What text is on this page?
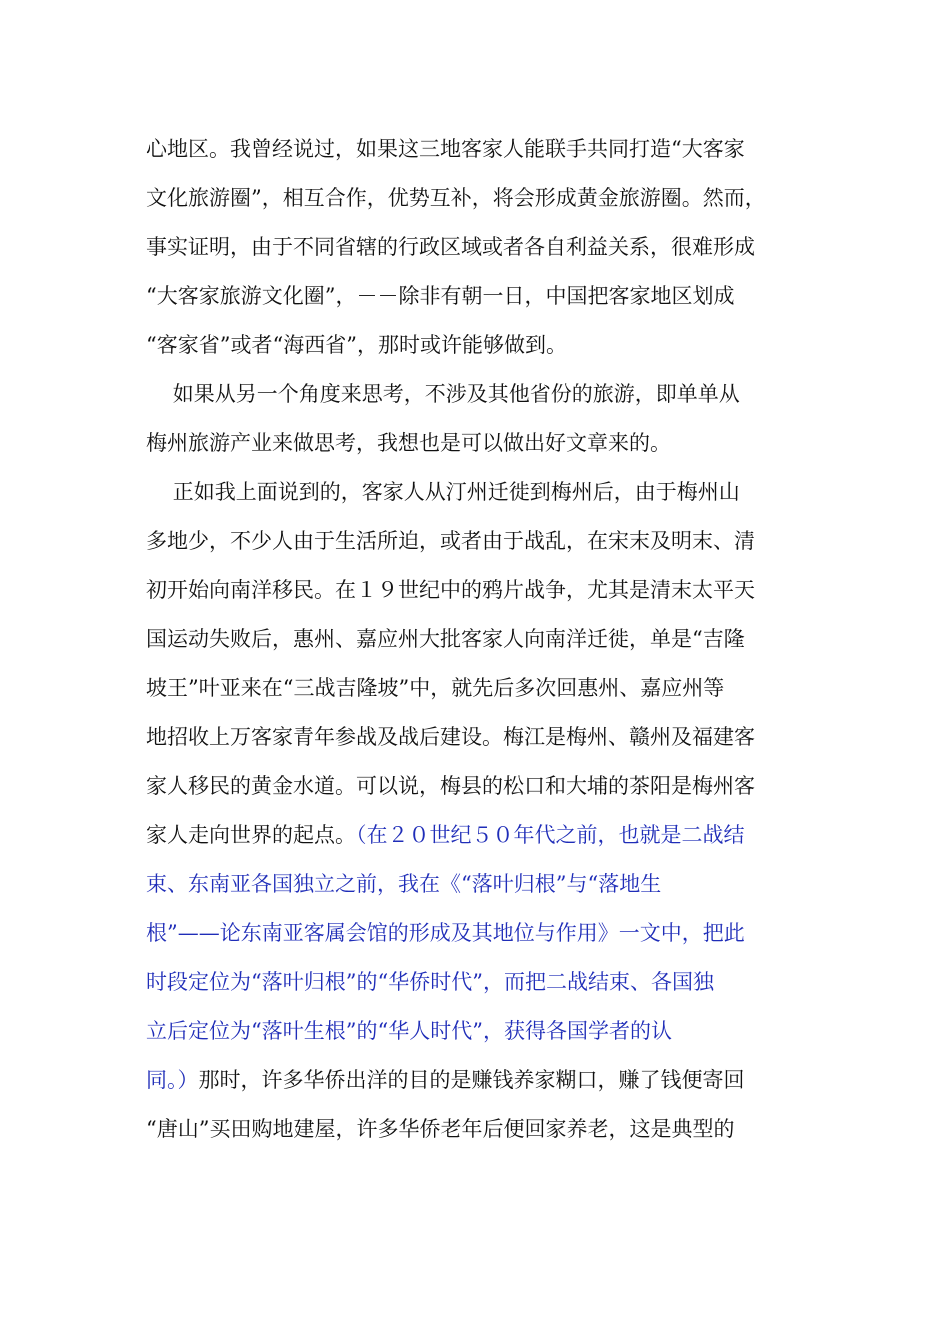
心地区。我曾经说过，如果这三地客家人能联手共同打造“大客家
文化旅游圈”，相互合作，优势互补，将会形成黄金旅游圈。然而，
事实证明，由于不同省辖的行政区域或者各自利益关系，很难形成
“大客家旅游文化圈”，－－除非有朝一日，中国把客家地区划成
“客家省”或者“海西省”，那时或许能够做到。
如果从另一个角度来思考，不涉及其他省份的旅游，即单单从
梅州旅游产业来做思考，我想也是可以做出好文章来的。
正如我上面说到的，客家人从汀州迁徙到梅州后，由于梅州山
多地少，不少人由于生活所迫，或者由于战乱，在宋末及明末、清
初开始向南洋移民。在１９世纪中的鸦片战争，尤其是清末太平天
国运动失败后，惠州、嘉应州大批客家人向南洋迁徙，单是“吉隆
坡王”叶亚来在“三战吉隆坡”中，就先后多次回惠州、嘉应州等
地招收上万客家青年参战及战后建设。梅江是梅州、赣州及福建客
家人移民的黄金水道。可以说，梅县的松口和大埔的茶阳是梅州客
家人走向世界的起点。（在２０世纪５０年代之前，也就是二战结
束、东南亚各国独立之前，我在《“落叶归根”与“落地生
根”——论东南亚客属会馆的形成及其地位与作用》一文中，把此
时段定位为“落叶归根”的“华侨时代”，而把二战结束、各国独
立后定位为“落叶生根”的“华人时代”，获得各国学者的认
同。）那时，许多华侨出洋的目的是赚钱养家糊口，赚了钱便寄回
“唐山”买田购地建屋，许多华侨老年后便回家养老，这是典型的
